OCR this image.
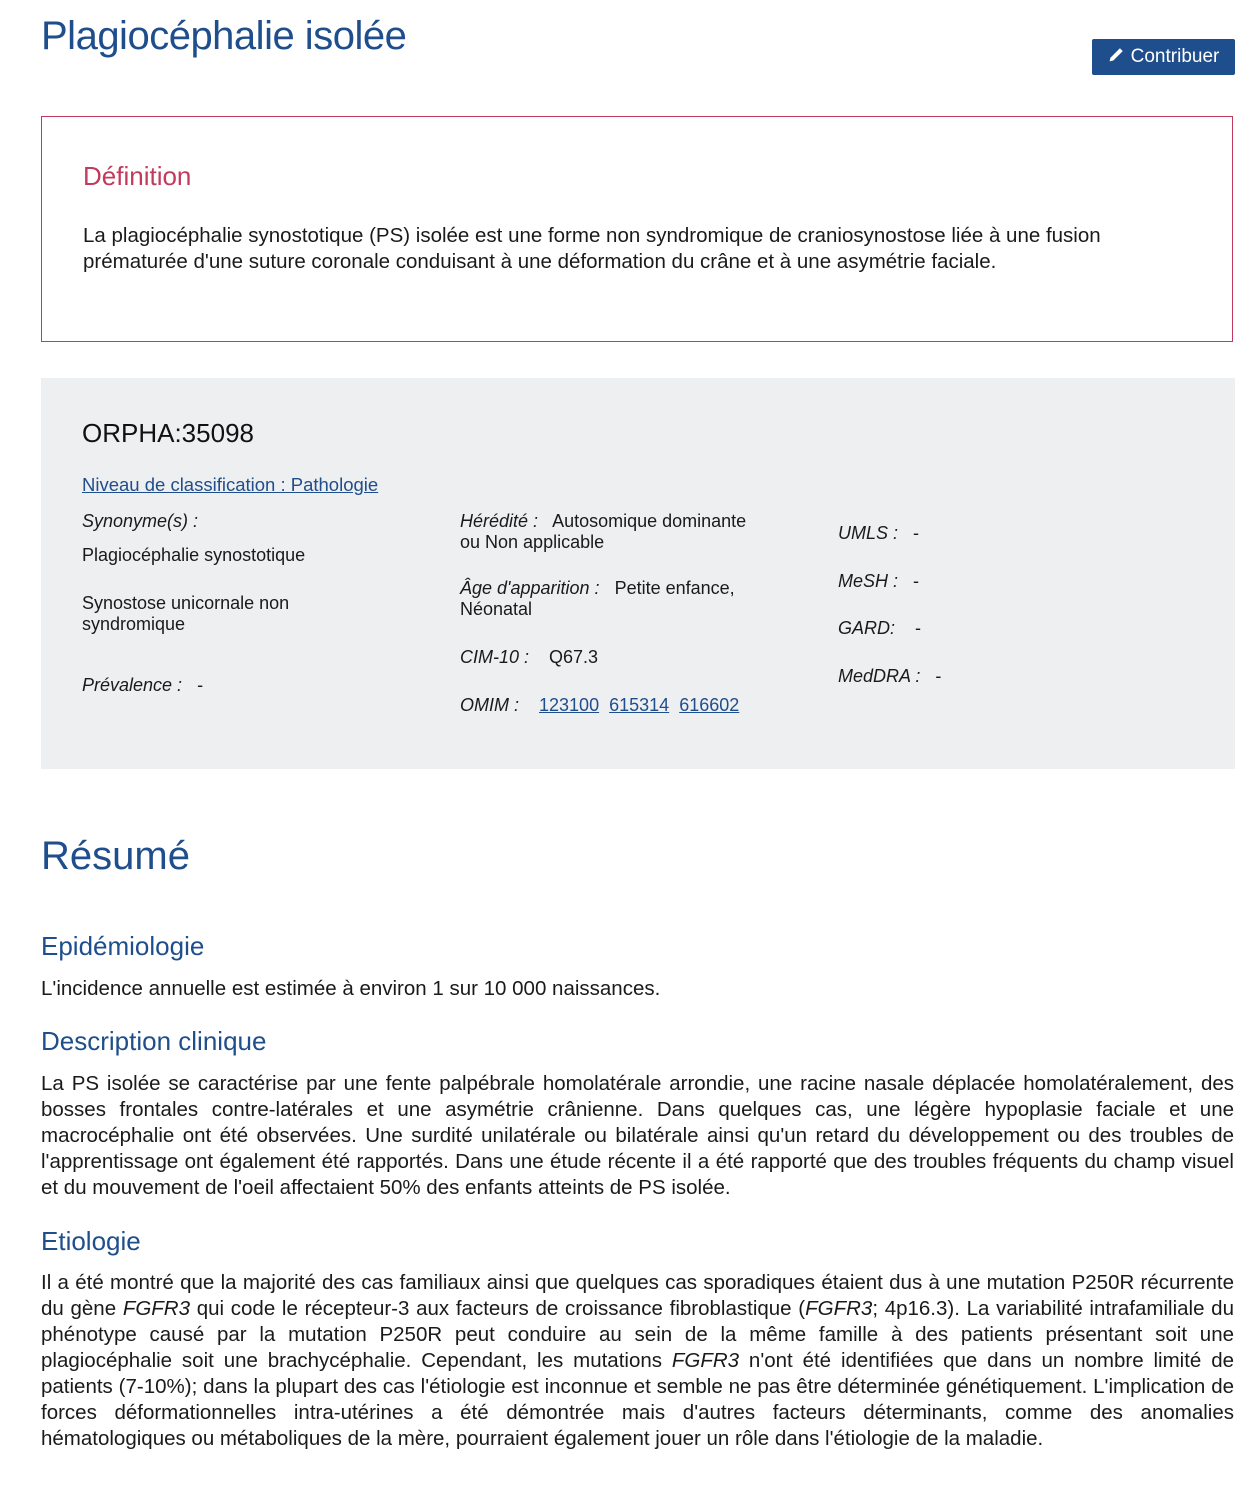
Plagiocéphalie isolée	Contribuer
Définition

La plagiocéphalie synostotique (PS) isolée est une forme non syndromique de craniosynostose liée à une fusion prématurée d'une suture coronale conduisant à une déformation du crâne et à une asymétrie faciale.

ORPHA:35098
Niveau de classification : Pathologie
Synonyme(s) :
Plagiocéphalie synostotique
Synostose unicornale non syndromique
Prévalence : -
Hérédité : Autosomique dominante ou Non applicable
Âge d'apparition : Petite enfance, Néonatal
CIM-10 : Q67.3
OMIM : 123100 615314 616602
UMLS : -
MeSH : -
GARD: -
MedDRA : -
Résumé
Epidémiologie

L'incidence annuelle est estimée à environ 1 sur 10 000 naissances.

Description clinique

La PS isolée se caractérise par une fente palpébrale homolatérale arrondie, une racine nasale déplacée homolatéralement, des bosses frontales contre-latérales et une asymétrie crânienne. Dans quelques cas, une légère hypoplasie faciale et une macrocéphalie ont été observées. Une surdité unilatérale ou bilatérale ainsi qu'un retard du développement ou des troubles de l'apprentissage ont également été rapportés. Dans une étude récente il a été rapporté que des troubles fréquents du champ visuel et du mouvement de l'oeil affectaient 50% des enfants atteints de PS isolée.

Etiologie

Il a été montré que la majorité des cas familiaux ainsi que quelques cas sporadiques étaient dus à une mutation P250R récurrente du gène FGFR3 qui code le récepteur-3 aux facteurs de croissance fibroblastique (FGFR3; 4p16.3). La variabilité intrafamiliale du phénotype causé par la mutation P250R peut conduire au sein de la même famille à des patients présentant soit une plagiocéphalie soit une brachycéphalie. Cependant, les mutations FGFR3 n'ont été identifiées que dans un nombre limité de patients (7-10%); dans la plupart des cas l'étiologie est inconnue et semble ne pas être déterminée génétiquement. L'implication de forces déformationnelles intra-utérines a été démontrée mais d'autres facteurs déterminants, comme des anomalies hématologiques ou métaboliques de la mère, pourraient également jouer un rôle dans l'étiologie de la maladie.
